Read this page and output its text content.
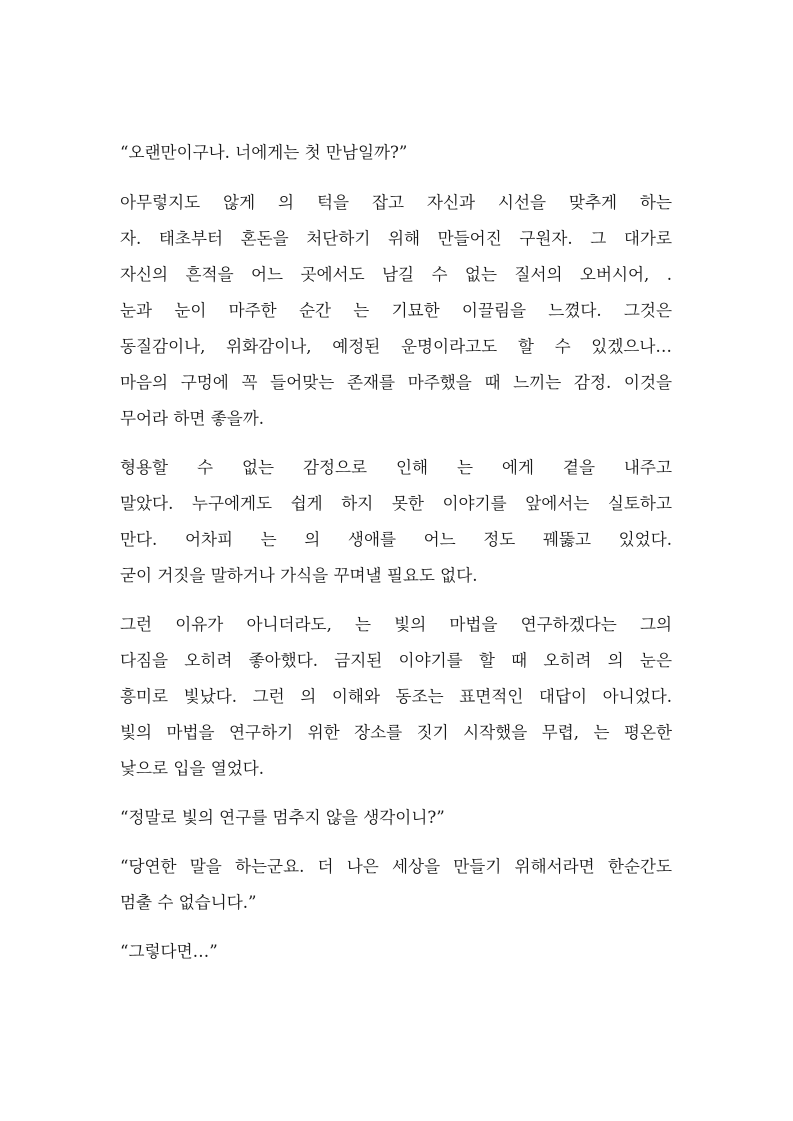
“오랜만이구나. 너에게는 첫 만남일까?”
아무렇지도 않게 의 턱을 잡고 자신과 시선을 맞추게 하는
자. 태초부터 혼돈을 처단하기 위해 만들어진 구원자. 그 대가로
자신의 흔적을 어느 곳에서도 남길 수 없는 질서의 오버시어, .
눈과 눈이 마주한 순간 는 기묘한 이끌림을 느꼈다. 그것은
동질감이나, 위화감이나, 예정된 운명이라고도 할 수 있겠으나…
마음의 구멍에 꼭 들어맞는 존재를 마주했을 때 느끼는 감정. 이것을
무어라 하면 좋을까.
형용할 수 없는 감정으로 인해 는 에게 곁을 내주고
말았다. 누구에게도 쉽게 하지 못한 이야기를 앞에서는 실토하고
만다. 어차피 는 의 생애를 어느 정도 꿰뚫고 있었다.
굳이 거짓을 말하거나 가식을 꾸며낼 필요도 없다.
그런 이유가 아니더라도, 는 빛의 마법을 연구하겠다는 그의
다짐을 오히려 좋아했다. 금지된 이야기를 할 때 오히려 의 눈은
흥미로 빛났다. 그런 의 이해와 동조는 표면적인 대답이 아니었다.
빛의 마법을 연구하기 위한 장소를 짓기 시작했을 무렵, 는 평온한
낯으로 입을 열었다.
“정말로 빛의 연구를 멈추지 않을 생각이니?”
“당연한 말을 하는군요. 더 나은 세상을 만들기 위해서라면 한순간도
멈출 수 없습니다.”
“그렇다면…”
